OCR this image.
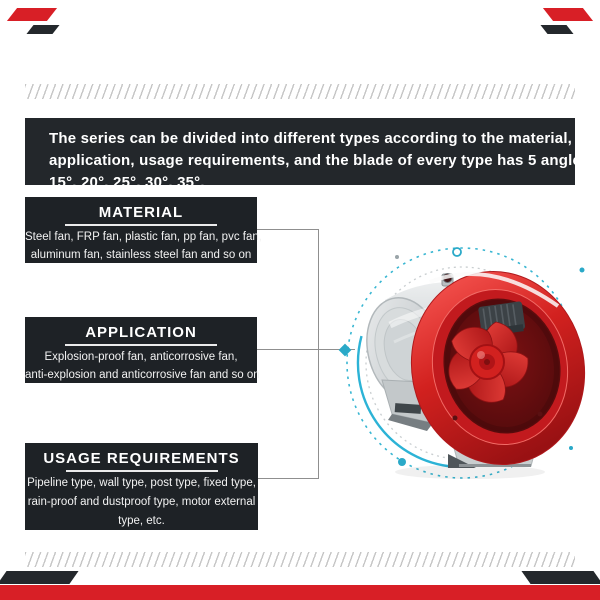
The series can be divided into different types according to the material,
application, usage requirements, and the blade of every type has 5 angles:
15°, 20°, 25°, 30°, 35°.
MATERIAL
Steel fan, FRP fan, plastic fan, pp fan, pvc fan,
aluminum fan, stainless steel fan and so on
APPLICATION
Explosion-proof fan, anticorrosive fan,
anti-explosion and anticorrosive fan and so on
USAGE REQUIREMENTS
Pipeline type, wall type, post type, fixed type,
rain-proof and dustproof type, motor external
type, etc.
